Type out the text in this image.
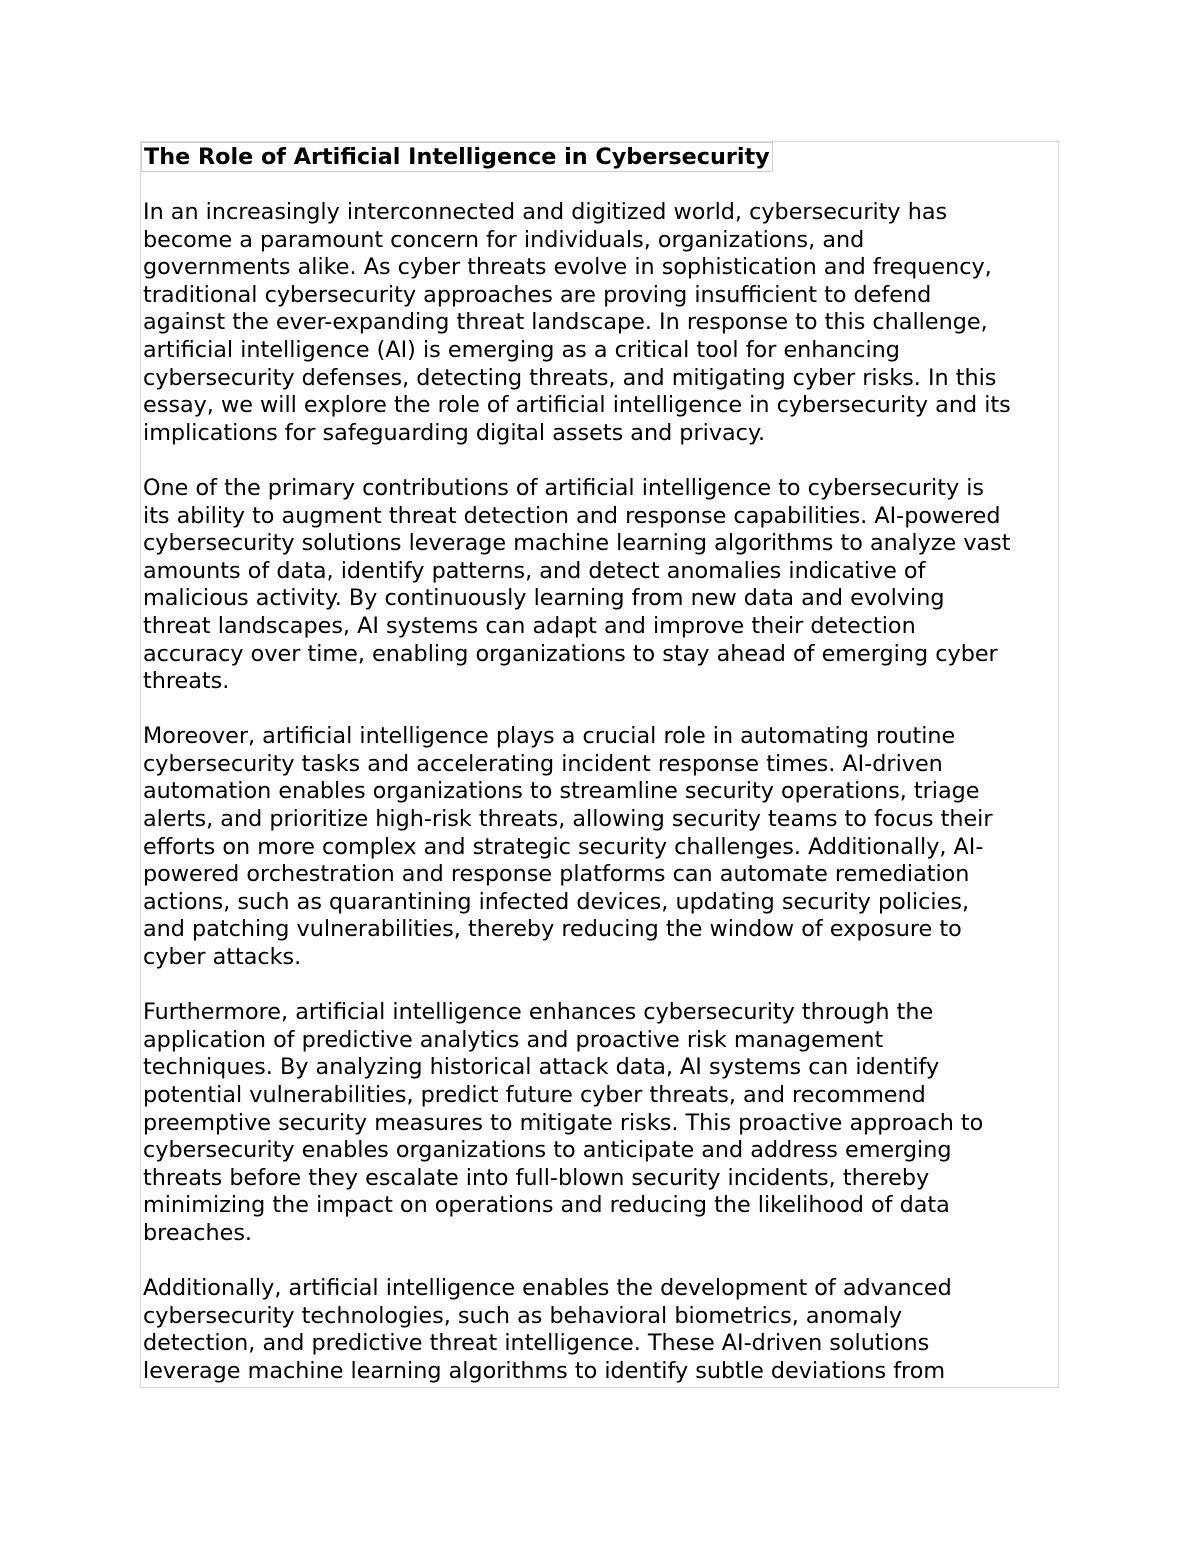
The Role of Artificial Intelligence in Cybersecurity
In an increasingly interconnected and digitized world, cybersecurity has
become a paramount concern for individuals, organizations, and
governments alike. As cyber threats evolve in sophistication and frequency,
traditional cybersecurity approaches are proving insufficient to defend
against the ever-expanding threat landscape. In response to this challenge,
artificial intelligence (AI) is emerging as a critical tool for enhancing
cybersecurity defenses, detecting threats, and mitigating cyber risks. In this
essay, we will explore the role of artificial intelligence in cybersecurity and its
implications for safeguarding digital assets and privacy.
One of the primary contributions of artificial intelligence to cybersecurity is
its ability to augment threat detection and response capabilities. AI-powered
cybersecurity solutions leverage machine learning algorithms to analyze vast
amounts of data, identify patterns, and detect anomalies indicative of
malicious activity. By continuously learning from new data and evolving
threat landscapes, AI systems can adapt and improve their detection
accuracy over time, enabling organizations to stay ahead of emerging cyber
threats.
Moreover, artificial intelligence plays a crucial role in automating routine
cybersecurity tasks and accelerating incident response times. AI-driven
automation enables organizations to streamline security operations, triage
alerts, and prioritize high-risk threats, allowing security teams to focus their
efforts on more complex and strategic security challenges. Additionally, AI-
powered orchestration and response platforms can automate remediation
actions, such as quarantining infected devices, updating security policies,
and patching vulnerabilities, thereby reducing the window of exposure to
cyber attacks.
Furthermore, artificial intelligence enhances cybersecurity through the
application of predictive analytics and proactive risk management
techniques. By analyzing historical attack data, AI systems can identify
potential vulnerabilities, predict future cyber threats, and recommend
preemptive security measures to mitigate risks. This proactive approach to
cybersecurity enables organizations to anticipate and address emerging
threats before they escalate into full-blown security incidents, thereby
minimizing the impact on operations and reducing the likelihood of data
breaches.
Additionally, artificial intelligence enables the development of advanced
cybersecurity technologies, such as behavioral biometrics, anomaly
detection, and predictive threat intelligence. These AI-driven solutions
leverage machine learning algorithms to identify subtle deviations from
